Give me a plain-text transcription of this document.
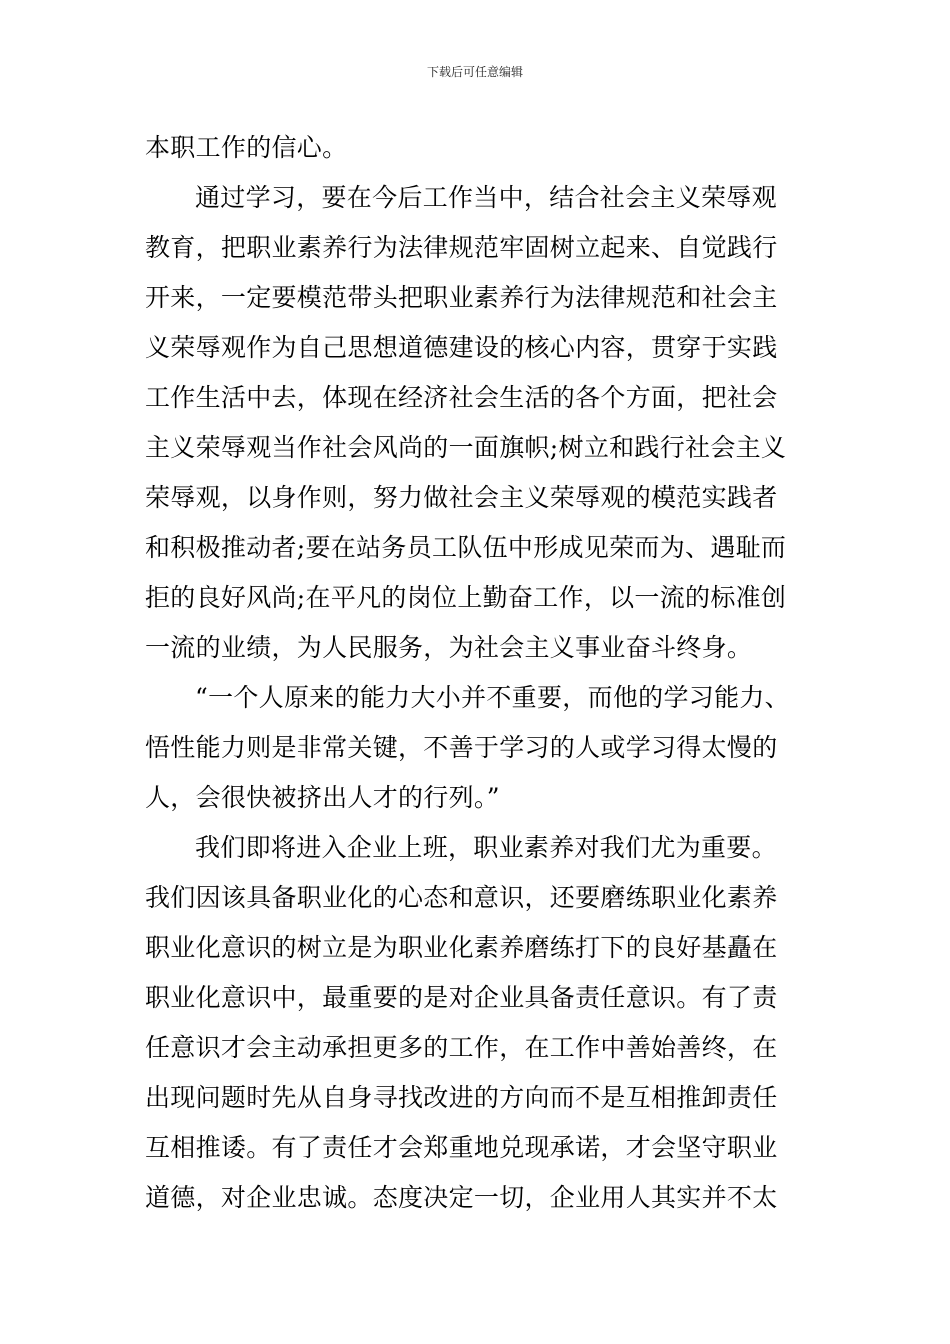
下载后可任意编辑
本职工作的信心。
通过学习，要在今后工作当中，结合社会主义荣辱观
教育，把职业素养行为法律规范牢固树立起来、自觉践行
开来，一定要模范带头把职业素养行为法律规范和社会主
义荣辱观作为自己思想道德建设的核心内容，贯穿于实践
工作生活中去，体现在经济社会生活的各个方面，把社会
主义荣辱观当作社会风尚的一面旗帜;树立和践行社会主义
荣辱观，以身作则，努力做社会主义荣辱观的模范实践者
和积极推动者;要在站务员工队伍中形成见荣而为、遇耻而
拒的良好风尚;在平凡的岗位上勤奋工作，以一流的标准创
一流的业绩，为人民服务，为社会主义事业奋斗终身。
“一个人原来的能力大小并不重要，而他的学习能力、
悟性能力则是非常关键，不善于学习的人或学习得太慢的
人，会很快被挤出人才的行列。”
我们即将进入企业上班，职业素养对我们尤为重要。
我们因该具备职业化的心态和意识，还要磨练职业化素养
职业化意识的树立是为职业化素养磨练打下的良好基矗在
职业化意识中，最重要的是对企业具备责任意识。有了责
任意识才会主动承担更多的工作，在工作中善始善终，在
出现问题时先从自身寻找改进的方向而不是互相推卸责任
互相推诿。有了责任才会郑重地兑现承诺，才会坚守职业
道德，对企业忠诚。态度决定一切，企业用人其实并不太
